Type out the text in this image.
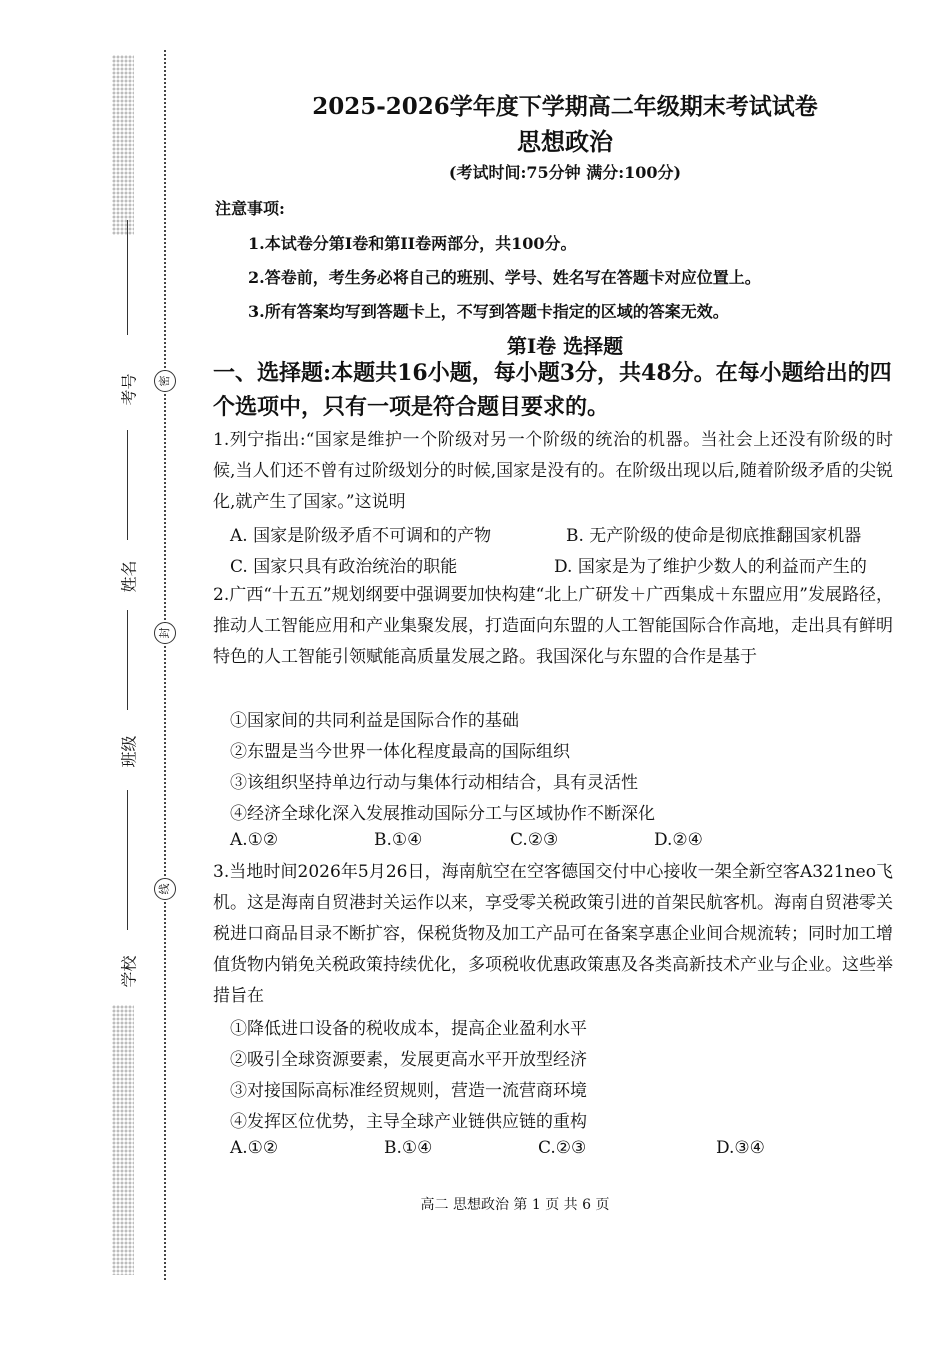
考号
姓名
班级
学校
密
封
线
2025-2026学年度下学期高二年级期末考试试卷
思想政治
(考试时间:75分钟 满分:100分)
注意事项:
1.本试卷分第I卷和第II卷两部分，共100分。
2.答卷前，考生务必将自己的班别、学号、姓名写在答题卡对应位置上。
3.所有答案均写到答题卡上，不写到答题卡指定的区域的答案无效。
第I卷 选择题
一、选择题:本题共16小题，每小题3分，共48分。在每小题给出的四个选项中，只有一项是符合题目要求的。

1.列宁指出:“国家是维护一个阶级对另一个阶级的统治的机器。当社会上还没有阶级的时候,当人们还不曾有过阶级划分的时候,国家是没有的。在阶级出现以后,随着阶级矛盾的尖锐化,就产生了国家。”这说明

A. 国家是阶级矛盾不可调和的产物	B. 无产阶级的使命是彻底推翻国家机器
C. 国家只具有政治统治的职能	D. 国家是为了维护少数人的利益而产生的

2.广西“十五五”规划纲要中强调要加快构建“北上广研发＋广西集成＋东盟应用”发展路径，推动人工智能应用和产业集聚发展，打造面向东盟的人工智能国际合作高地，走出具有鲜明特色的人工智能引领赋能高质量发展之路。我国深化与东盟的合作是基于

①国家间的共同利益是国际合作的基础
②东盟是当今世界一体化程度最高的国际组织
③该组织坚持单边行动与集体行动相结合，具有灵活性
④经济全球化深入发展推动国际分工与区域协作不断深化
A.①②	B.①④	C.②③	D.②④

3.当地时间2026年5月26日，海南航空在空客德国交付中心接收一架全新空客A321neo飞机。这是海南自贸港封关运作以来，享受零关税政策引进的首架民航客机。海南自贸港零关税进口商品目录不断扩容，保税货物及加工产品可在备案享惠企业间合规流转；同时加工增值货物内销免关税政策持续优化，多项税收优惠政策惠及各类高新技术产业与企业。这些举措旨在

①降低进口设备的税收成本，提高企业盈利水平
②吸引全球资源要素，发展更高水平开放型经济
③对接国际高标准经贸规则，营造一流营商环境
④发挥区位优势，主导全球产业链供应链的重构
A.①②	B.①④	C.②③	D.③④
高二 思想政治 第 1 页 共 6 页
